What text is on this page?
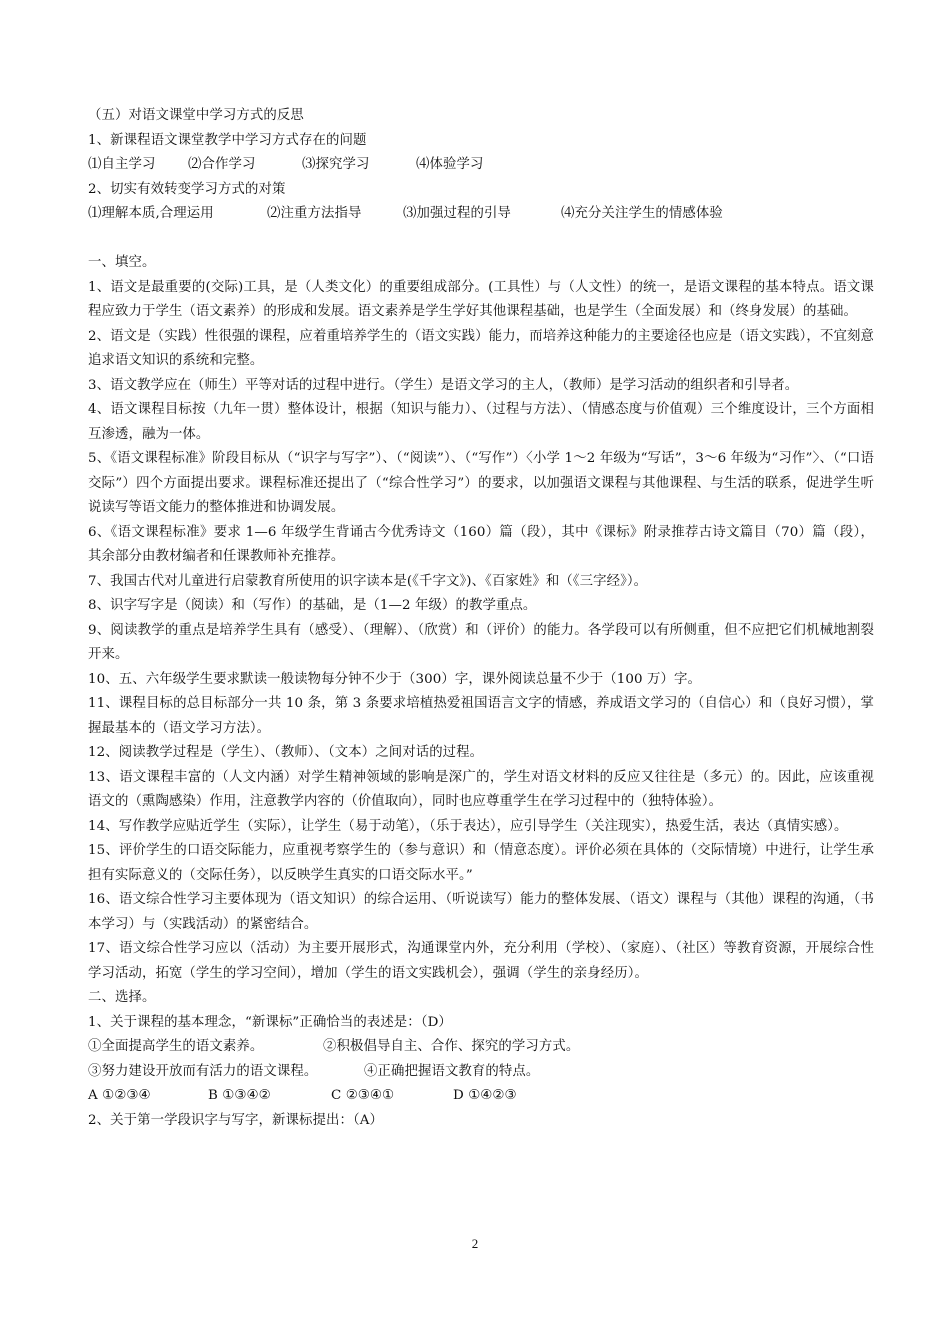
（五）对语文课堂中学习方式的反思
1、新课程语文课堂教学中学习方式存在的问题
⑴自主学习	⑵合作学习	⑶探究学习	⑷体验学习
2、切实有效转变学习方式的对策
⑴理解本质,合理运用	⑵注重方法指导	⑶加强过程的引导	⑷充分关注学生的情感体验
一、填空。

1、语文是最重要的(交际)工具，是（人类文化）的重要组成部分。(工具性）与（人文性）的统一，是语文课程的基本特点。语文课程应致力于学生（语文素养）的形成和发展。语文素养是学生学好其他课程基础，也是学生（全面发展）和（终身发展）的基础。

2、语文是（实践）性很强的课程，应着重培养学生的（语文实践）能力，而培养这种能力的主要途径也应是（语文实践），不宜刻意追求语文知识的系统和完整。

3、语文教学应在（师生）平等对话的过程中进行。（学生）是语文学习的主人，（教师）是学习活动的组织者和引导者。

4、语文课程目标按（九年一贯）整体设计，根据（知识与能力）、（过程与方法）、（情感态度与价值观）三个维度设计，三个方面相互渗透，融为一体。

5、《语文课程标准》阶段目标从（“识字与写字”）、（“阅读”）、（“写作”）〈小学 1～2 年级为“写话”，3～6 年级为“习作”〉、（“口语交际”）四个方面提出要求。课程标准还提出了（“综合性学习”）的要求，以加强语文课程与其他课程、与生活的联系，促进学生听说读写等语文能力的整体推进和协调发展。

6、《语文课程标准》要求 1—6 年级学生背诵古今优秀诗文（160）篇（段），其中《课标》附录推荐古诗文篇目（70）篇（段），其余部分由教材编者和任课教师补充推荐。

7、我国古代对儿童进行启蒙教育所使用的识字读本是(《千字文》)、《百家姓》和（《三字经》）。

8、识字写字是（阅读）和（写作）的基础，是（1—2 年级）的教学重点。

9、阅读教学的重点是培养学生具有（感受）、（理解）、（欣赏）和（评价）的能力。各学段可以有所侧重，但不应把它们机械地割裂开来。

10、五、六年级学生要求默读一般读物每分钟不少于（300）字，课外阅读总量不少于（100 万）字。

11、课程目标的总目标部分一共 10 条，第 3 条要求培植热爱祖国语言文字的情感，养成语文学习的（自信心）和（良好习惯），掌握最基本的（语文学习方法）。

12、阅读教学过程是（学生）、（教师）、（文本）之间对话的过程。

13、语文课程丰富的（人文内涵）对学生精神领域的影响是深广的，学生对语文材料的反应又往往是（多元）的。因此，应该重视语文的（熏陶感染）作用，注意教学内容的（价值取向），同时也应尊重学生在学习过程中的（独特体验）。

14、写作教学应贴近学生（实际），让学生（易于动笔），（乐于表达），应引导学生（关注现实），热爱生活，表达（真情实感）。

15、评价学生的口语交际能力，应重视考察学生的（参与意识）和（情意态度）。评价必须在具体的（交际情境）中进行，让学生承担有实际意义的（交际任务），以反映学生真实的口语交际水平。”

16、语文综合性学习主要体现为（语文知识）的综合运用、（听说读写）能力的整体发展、（语文）课程与（其他）课程的沟通，（书本学习）与（实践活动）的紧密结合。

17、语文综合性学习应以（活动）为主要开展形式，沟通课堂内外，充分利用（学校）、（家庭）、（社区）等教育资源，开展综合性学习活动，拓宽（学生的学习空间），增加（学生的语文实践机会），强调（学生的亲身经历）。

二、选择。
1、关于课程的基本理念，“新课标”正确恰当的表述是：（D）
①全面提高学生的语文素养。	②积极倡导自主、合作、探究的学习方式。
③努力建设开放而有活力的语文课程。	④正确把握语文教育的特点。
A ①②③④	B ①③④②	C ②③④①	D ①④②③
2、关于第一学段识字与写字，新课标提出：（A）
2
